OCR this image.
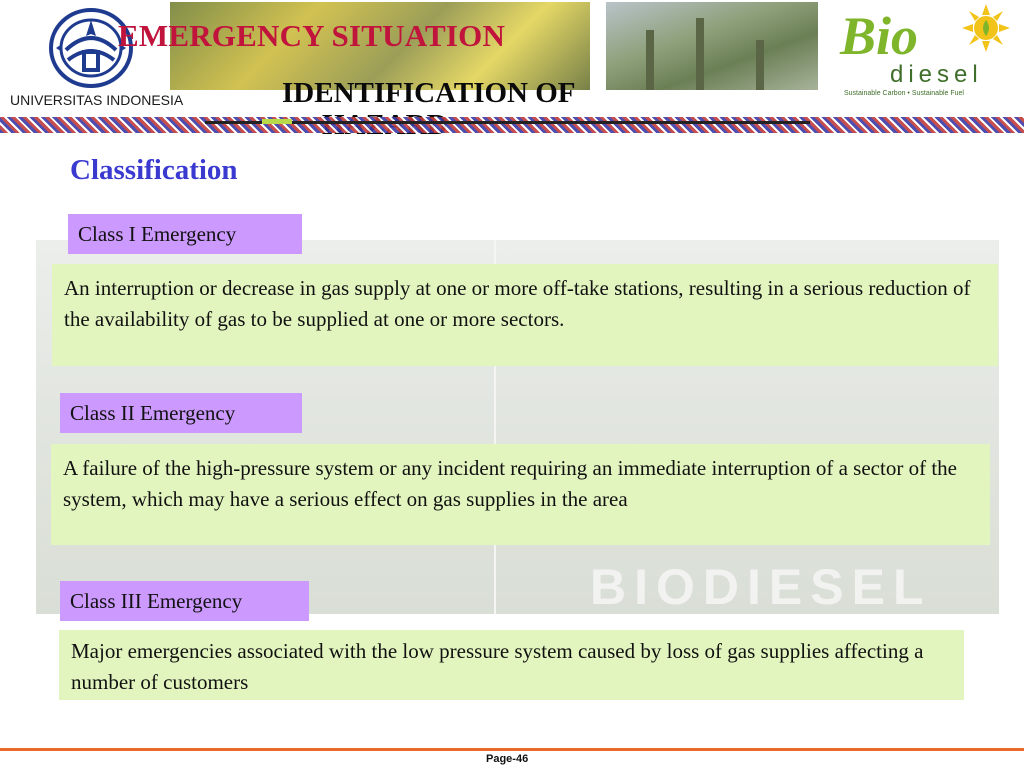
BIODIESEL
UNIVERSITAS INDONESIA
EMERGENCY SITUATION
IDENTIFICATION OF
Bio
diesel
Sustainable Carbon • Sustainable Fuel
Classification
Class I Emergency
An interruption or decrease in gas supply at one or more off-take stations, resulting in a serious reduction of the availability of gas to be supplied at one or more sectors.
Class II Emergency
A failure of the high-pressure system or any incident requiring an immediate interruption of a sector of the system, which may have a serious effect on gas supplies in the area
Class III Emergency
Major emergencies associated with the low pressure system caused by loss of gas supplies affecting a number of customers
Page-46
